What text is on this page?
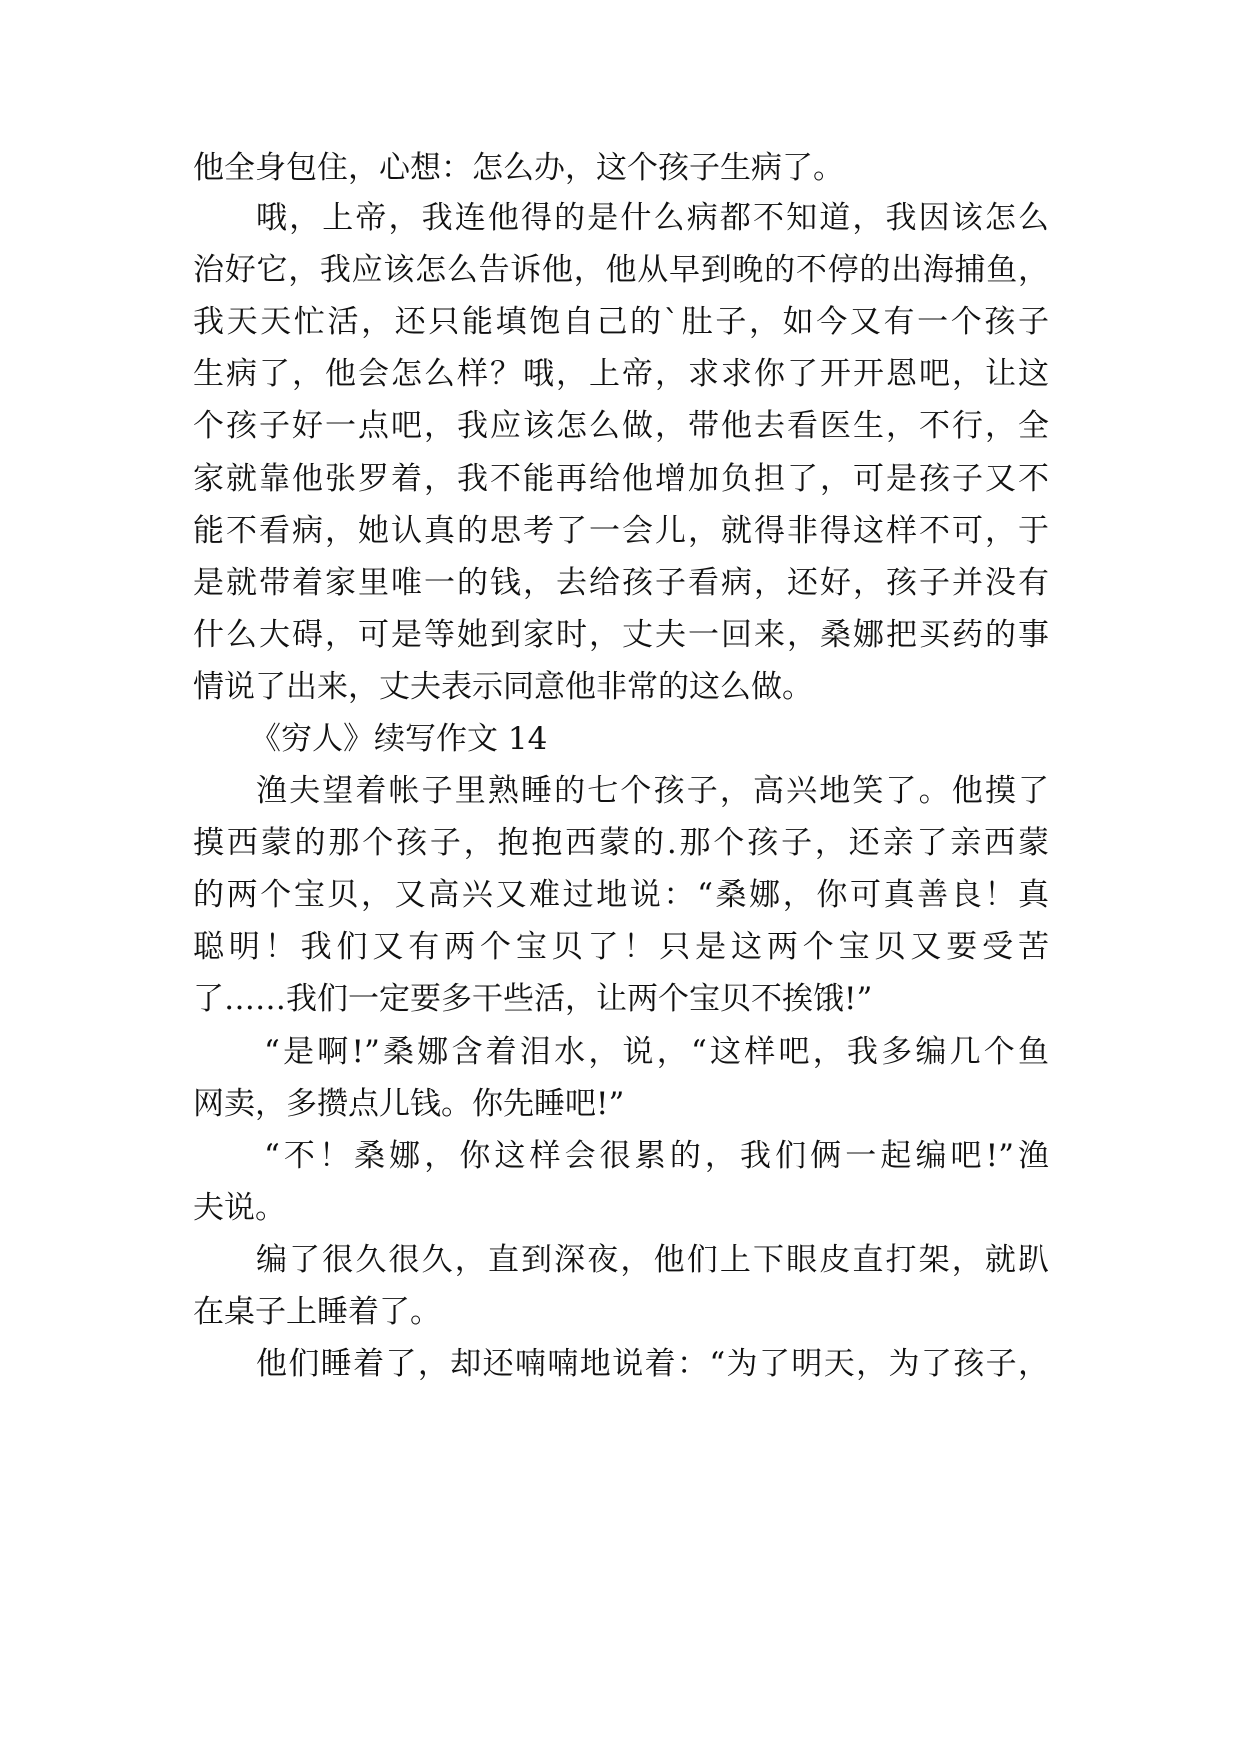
他全身包住，心想：怎么办，这个孩子生病了。
哦，上帝，我连他得的是什么病都不知道，我因该怎么
治好它，我应该怎么告诉他，他从早到晚的不停的出海捕鱼，
我天天忙活，还只能填饱自己的`肚子，如今又有一个孩子
生病了，他会怎么样？哦，上帝，求求你了开开恩吧，让这
个孩子好一点吧，我应该怎么做，带他去看医生，不行，全
家就靠他张罗着，我不能再给他增加负担了，可是孩子又不
能不看病，她认真的思考了一会儿，就得非得这样不可，于
是就带着家里唯一的钱，去给孩子看病，还好，孩子并没有
什么大碍，可是等她到家时，丈夫一回来，桑娜把买药的事
情说了出来，丈夫表示同意他非常的这么做。
《穷人》续写作文 14
渔夫望着帐子里熟睡的七个孩子，高兴地笑了。他摸了
摸西蒙的那个孩子，抱抱西蒙的.那个孩子，还亲了亲西蒙
的两个宝贝，又高兴又难过地说：“桑娜，你可真善良！真
聪明！我们又有两个宝贝了！只是这两个宝贝又要受苦
了……我们一定要多干些活，让两个宝贝不挨饿!”
“是啊!”桑娜含着泪水，说，“这样吧，我多编几个鱼
网卖，多攒点儿钱。你先睡吧!”
“不！桑娜，你这样会很累的，我们俩一起编吧!”渔
夫说。
编了很久很久，直到深夜，他们上下眼皮直打架，就趴
在桌子上睡着了。
他们睡着了，却还喃喃地说着：“为了明天，为了孩子，
